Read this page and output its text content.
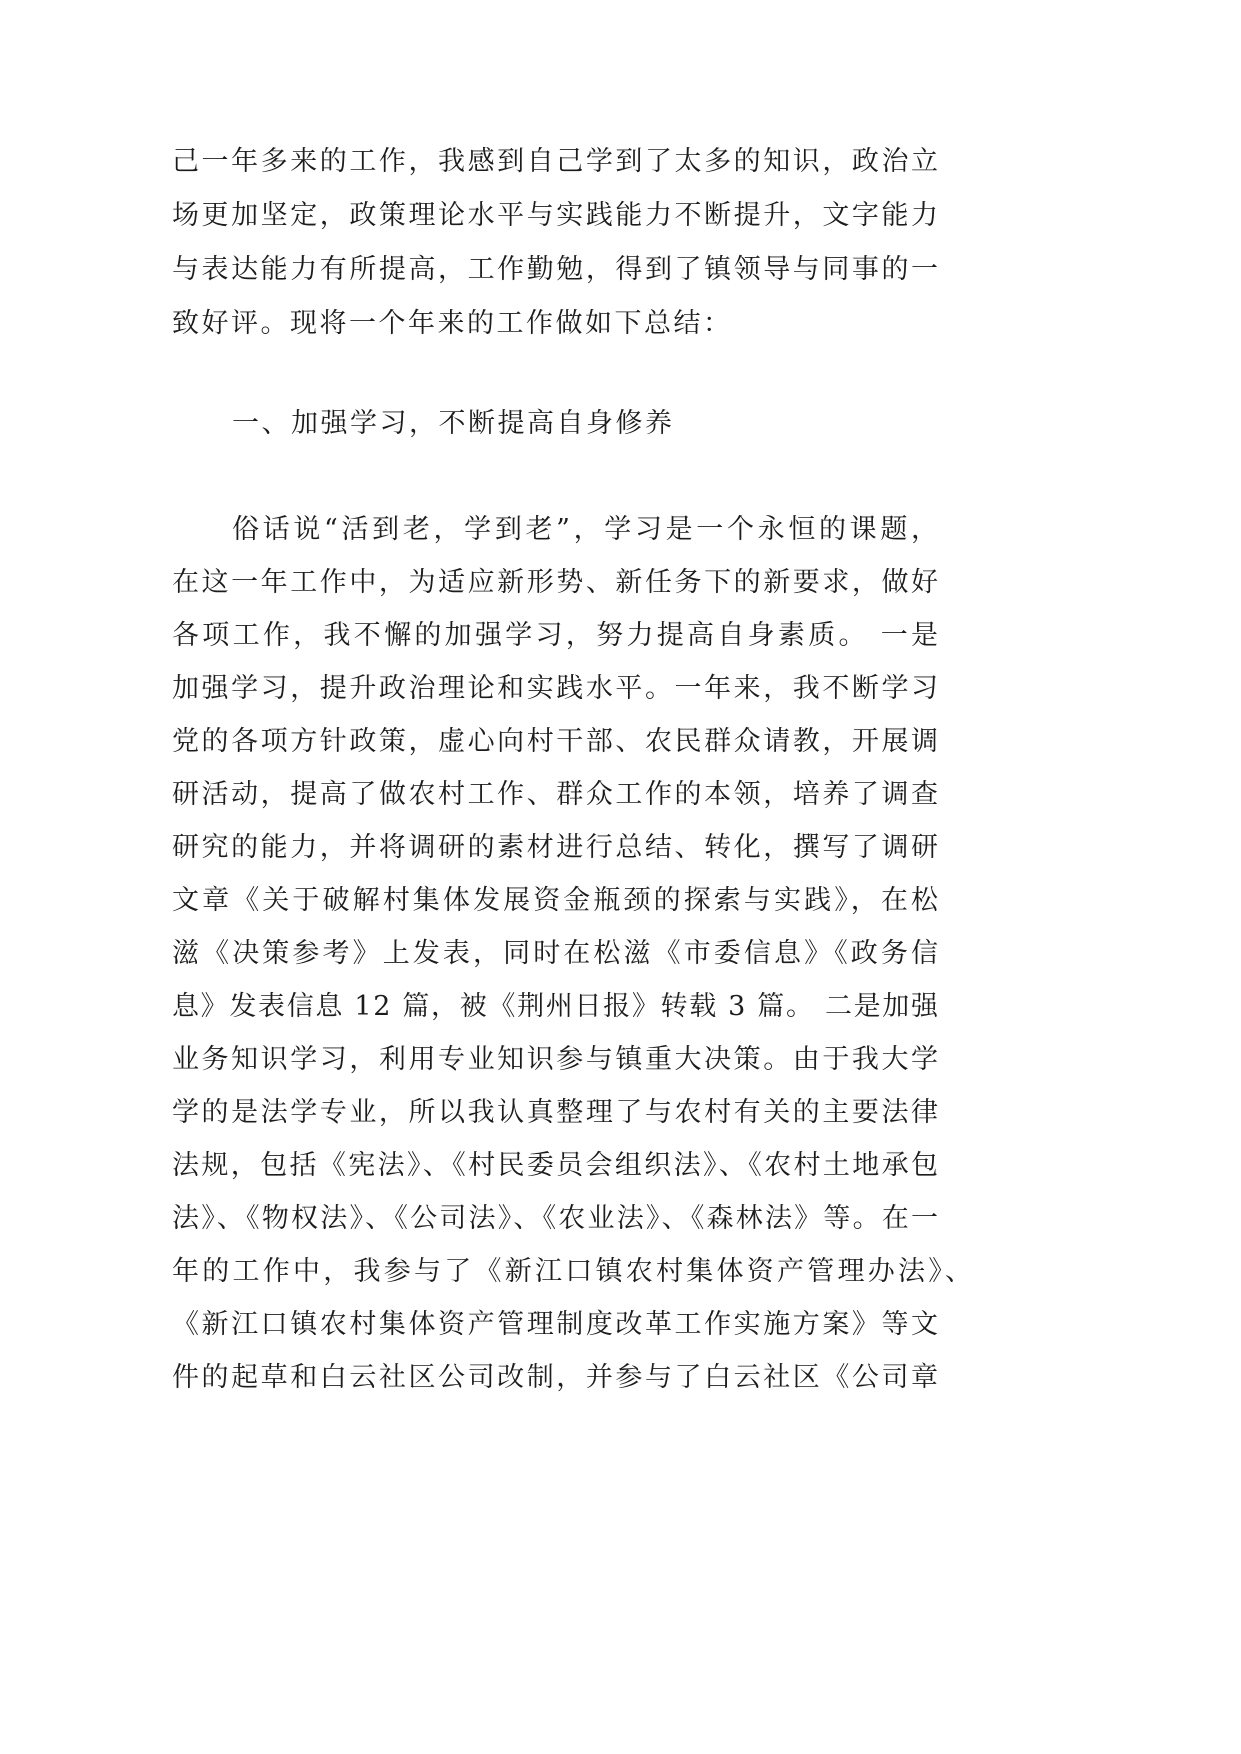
己一年多来的工作，我感到自己学到了太多的知识，政治立
场更加坚定，政策理论水平与实践能力不断提升，文字能力
与表达能力有所提高，工作勤勉，得到了镇领导与同事的一
致好评。现将一个年来的工作做如下总结：
一、加强学习，不断提高自身修养
俗话说“活到老，学到老”，学习是一个永恒的课题，
在这一年工作中，为适应新形势、新任务下的新要求，做好
各项工作，我不懈的加强学习，努力提高自身素质。 一是
加强学习，提升政治理论和实践水平。一年来，我不断学习
党的各项方针政策，虚心向村干部、农民群众请教，开展调
研活动，提高了做农村工作、群众工作的本领，培养了调查
研究的能力，并将调研的素材进行总结、转化，撰写了调研
文章《关于破解村集体发展资金瓶颈的探索与实践》，在松
滋《决策参考》上发表，同时在松滋《市委信息》《政务信
息》发表信息 12 篇，被《荆州日报》转载 3 篇。 二是加强
业务知识学习，利用专业知识参与镇重大决策。由于我大学
学的是法学专业，所以我认真整理了与农村有关的主要法律
法规，包括《宪法》、《村民委员会组织法》、《农村土地承包
法》、《物权法》、《公司法》、《农业法》、《森林法》等。在一
年的工作中，我参与了《新江口镇农村集体资产管理办法》、
《新江口镇农村集体资产管理制度改革工作实施方案》等文
件的起草和白云社区公司改制，并参与了白云社区《公司章
